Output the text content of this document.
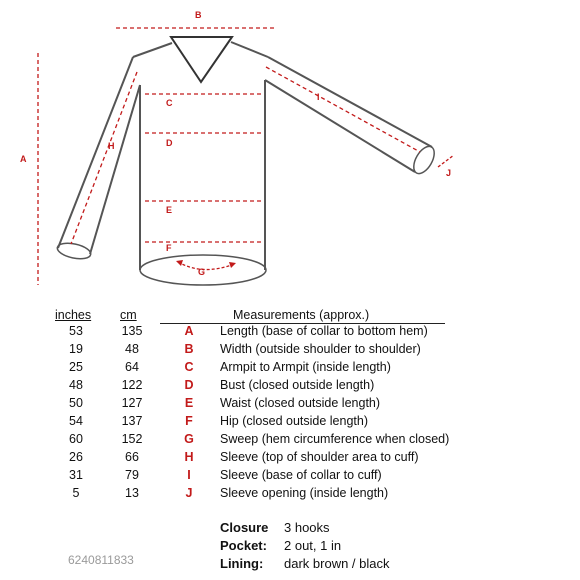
A
B
C
D
E
F
G
H
I
J
inches cm	Measurements (approx.)
53	135	A	Length (base of collar to bottom hem)
19	48	B	Width (outside shoulder to shoulder)
25	64	C	Armpit to Armpit (inside length)
48	122	D	Bust (closed outside length)
50	127	E	Waist (closed outside length)
54	137	F	Hip (closed outside length)
60	152	G	Sweep (hem circumference when closed)
26	66	H	Sleeve (top of shoulder area to cuff)
31	79	I	Sleeve (base of collar to cuff)
5	13	J	Sleeve opening (inside length)
Closure 3 hooks
Pocket: 2 out, 1 in
Lining: dark brown / black
6240811833
